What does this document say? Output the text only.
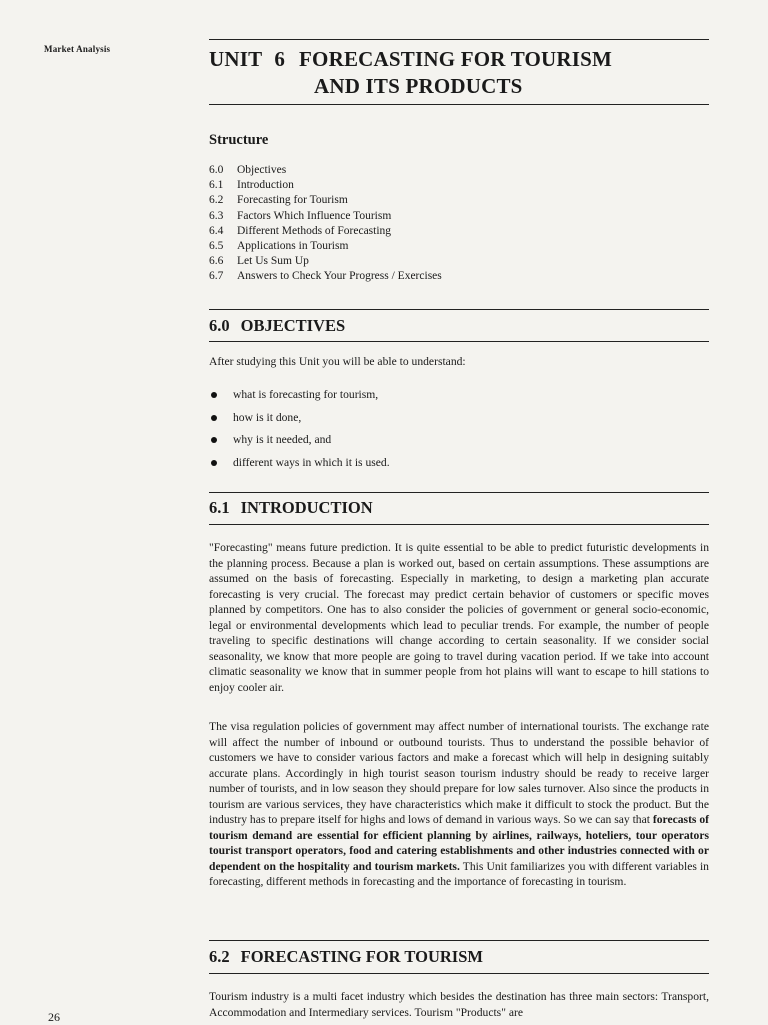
Market Analysis	UNIT 6 FORECASTING FOR TOURISM
AND ITS PRODUCTS
Structure
6.0 Objectives
6.1 Introduction
6.2 Forecasting for Tourism
6.3 Factors Which Influence Tourism
6.4 Different Methods of Forecasting
6.5 Applications in Tourism
6.6 Let Us Sum Up
6.7 Answers to Check Your Progress / Exercises
6.0 OBJECTIVES

After studying this Unit you will be able to understand:

what is forecasting for tourism,
how is it done,
why is it needed, and
different ways in which it is used.
6.1 INTRODUCTION

"Forecasting" means future prediction. It is quite essential to be able to predict futuristic developments in the planning process. Because a plan is worked out, based on certain assumptions. These assumptions are assumed on the basis of forecasting. Especially in marketing, to design a marketing plan accurate forecasting is very crucial. The forecast may predict certain behavior of customers or specific moves planned by competitors. One has to also consider the policies of government or general socio-economic, legal or environmental developments which lead to peculiar trends. For example, the number of people traveling to specific destinations will change according to certain seasonality. If we consider social seasonality, we know that more people are going to travel during vacation period. If we take into account climatic seasonality we know that in summer people from hot plains will want to escape to hill stations to enjoy cooler air.

The visa regulation policies of government may affect number of international tourists. The exchange rate will affect the number of inbound or outbound tourists. Thus to understand the possible behavior of customers we have to consider various factors and make a forecast which will help in designing suitably accurate plans. Accordingly in high tourist season tourism industry should be ready to receive larger number of tourists, and in low season they should prepare for low sales turnover. Also since the products in tourism are various services, they have characteristics which make it difficult to stock the product. But the industry has to prepare itself for highs and lows of demand in various ways. So we can say that forecasts of tourism demand are essential for efficient planning by airlines, railways, hoteliers, tour operators tourist transport operators, food and catering establishments and other industries connected with or dependent on the hospitality and tourism markets. This Unit familiarizes you with different variables in forecasting, different methods in forecasting and the importance of forecasting in tourism.

6.2 FORECASTING FOR TOURISM

Tourism industry is a multi facet industry which besides the destination has three main sectors: Transport, Accommodation and Intermediary services. Tourism "Products" are

26
